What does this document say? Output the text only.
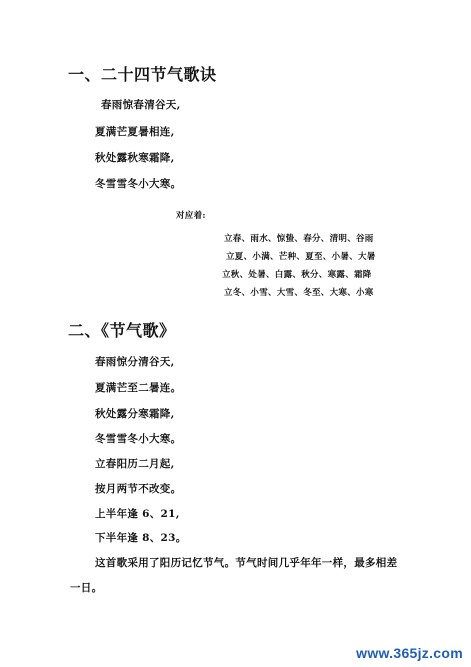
一、二十四节气歌诀
春雨惊春清谷天,
夏满芒夏暑相连,
秋处露秋寒霜降,
冬雪雪冬小大寒。
对应着:
立春、雨水、惊蛰、春分、清明、谷雨
立夏、小满、芒种、夏至、小暑、大暑
立秋、处暑、白露、秋分、寒露、霜降
立冬、小雪、大雪、冬至、大寒、小寒
二、《节气歌》
春雨惊分清谷天,
夏满芒至二暑连。
秋处露分寒霜降,
冬雪雪冬小大寒。
立春阳历二月起,
按月两节不改变。
上半年逢 6、21,
下半年逢 8、23。
这首歌采用了阳历记忆节气。节气时间几乎年年一样，最多相差
一日。
www.365jz.com
